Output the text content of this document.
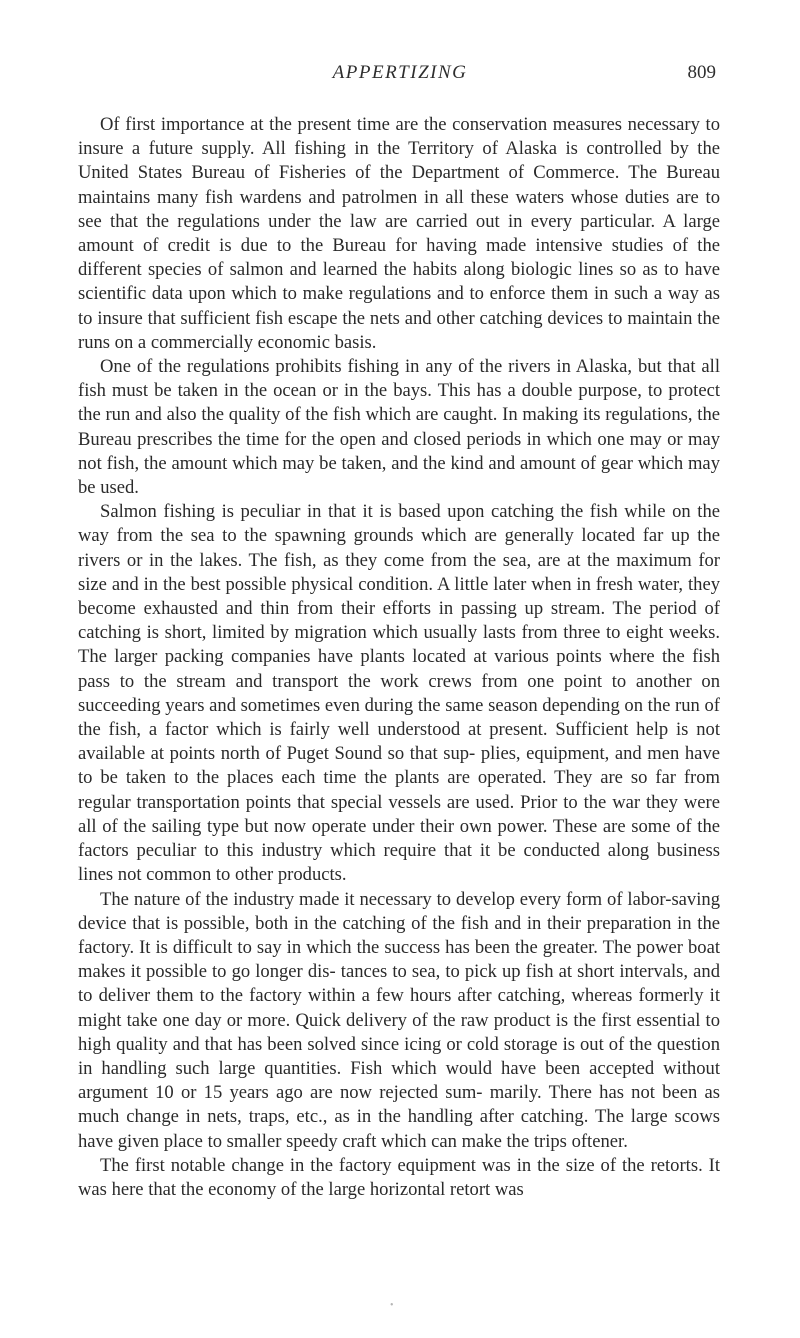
APPERTIZING	809

Of first importance at the present time are the conservation measures necessary to insure a future supply. All fishing in the Territory of Alaska is controlled by the United States Bureau of Fisheries of the Department of Commerce. The Bureau maintains many fish wardens and patrolmen in all these waters whose duties are to see that the regulations under the law are carried out in every particular. A large amount of credit is due to the Bureau for having made intensive studies of the different species of salmon and learned the habits along biologic lines so as to have scientific data upon which to make regulations and to enforce them in such a way as to insure that sufficient fish escape the nets and other catching devices to maintain the runs on a commercially economic basis.

One of the regulations prohibits fishing in any of the rivers in Alaska, but that all fish must be taken in the ocean or in the bays. This has a double purpose, to protect the run and also the quality of the fish which are caught. In making its regulations, the Bureau prescribes the time for the open and closed periods in which one may or may not fish, the amount which may be taken, and the kind and amount of gear which may be used.

Salmon fishing is peculiar in that it is based upon catching the fish while on the way from the sea to the spawning grounds which are generally located far up the rivers or in the lakes. The fish, as they come from the sea, are at the maximum for size and in the best possible physical condition. A little later when in fresh water, they become exhausted and thin from their efforts in passing up stream. The period of catching is short, limited by migration which usually lasts from three to eight weeks. The larger packing companies have plants located at various points where the fish pass to the stream and transport the work crews from one point to another on succeeding years and sometimes even during the same season depending on the run of the fish, a factor which is fairly well understood at present. Sufficient help is not available at points north of Puget Sound so that sup- plies, equipment, and men have to be taken to the places each time the plants are operated. They are so far from regular transportation points that special vessels are used. Prior to the war they were all of the sailing type but now operate under their own power. These are some of the factors peculiar to this industry which require that it be conducted along business lines not common to other products.

The nature of the industry made it necessary to develop every form of labor-saving device that is possible, both in the catching of the fish and in their preparation in the factory. It is difficult to say in which the success has been the greater. The power boat makes it possible to go longer dis- tances to sea, to pick up fish at short intervals, and to deliver them to the factory within a few hours after catching, whereas formerly it might take one day or more. Quick delivery of the raw product is the first essential to high quality and that has been solved since icing or cold storage is out of the question in handling such large quantities. Fish which would have been accepted without argument 10 or 15 years ago are now rejected sum- marily. There has not been as much change in nets, traps, etc., as in the handling after catching. The large scows have given place to smaller speedy craft which can make the trips oftener.

The first notable change in the factory equipment was in the size of the retorts. It was here that the economy of the large horizontal retort was

•
